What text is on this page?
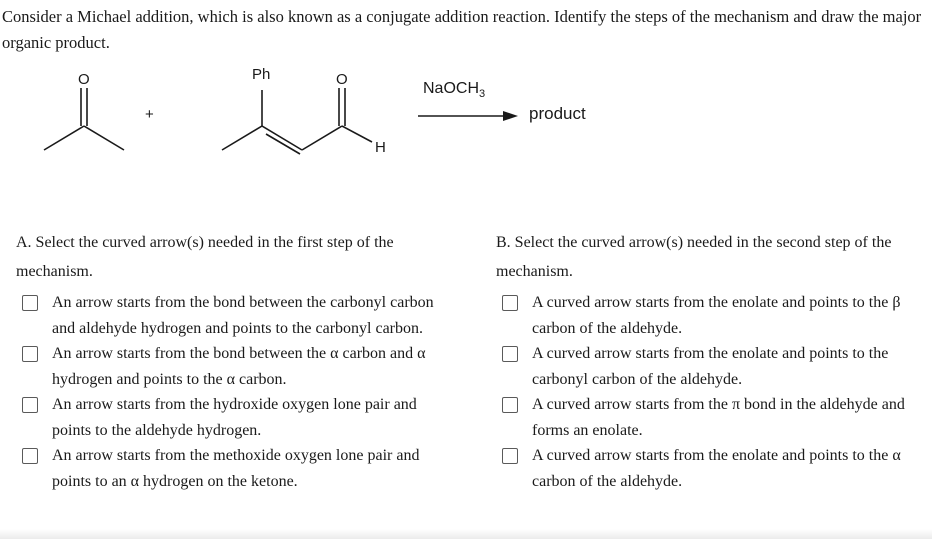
Consider a Michael addition, which is also known as a conjugate addition reaction. Identify the steps of the mechanism and draw the major organic product.
O
+
Ph	O
H
NaOCH$_3$
product
A. Select the curved arrow(s) needed in the first step of the mechanism.
An arrow starts from the bond between the carbonyl carbon and aldehyde hydrogen and points to the carbonyl carbon.
An arrow starts from the bond between the α carbon and α hydrogen and points to the α carbon.
An arrow starts from the hydroxide oxygen lone pair and points to the aldehyde hydrogen.
An arrow starts from the methoxide oxygen lone pair and points to an α hydrogen on the ketone.
B. Select the curved arrow(s) needed in the second step of the mechanism.
A curved arrow starts from the enolate and points to the β carbon of the aldehyde.
A curved arrow starts from the enolate and points to the carbonyl carbon of the aldehyde.
A curved arrow starts from the π bond in the aldehyde and forms an enolate.
A curved arrow starts from the enolate and points to the α carbon of the aldehyde.
